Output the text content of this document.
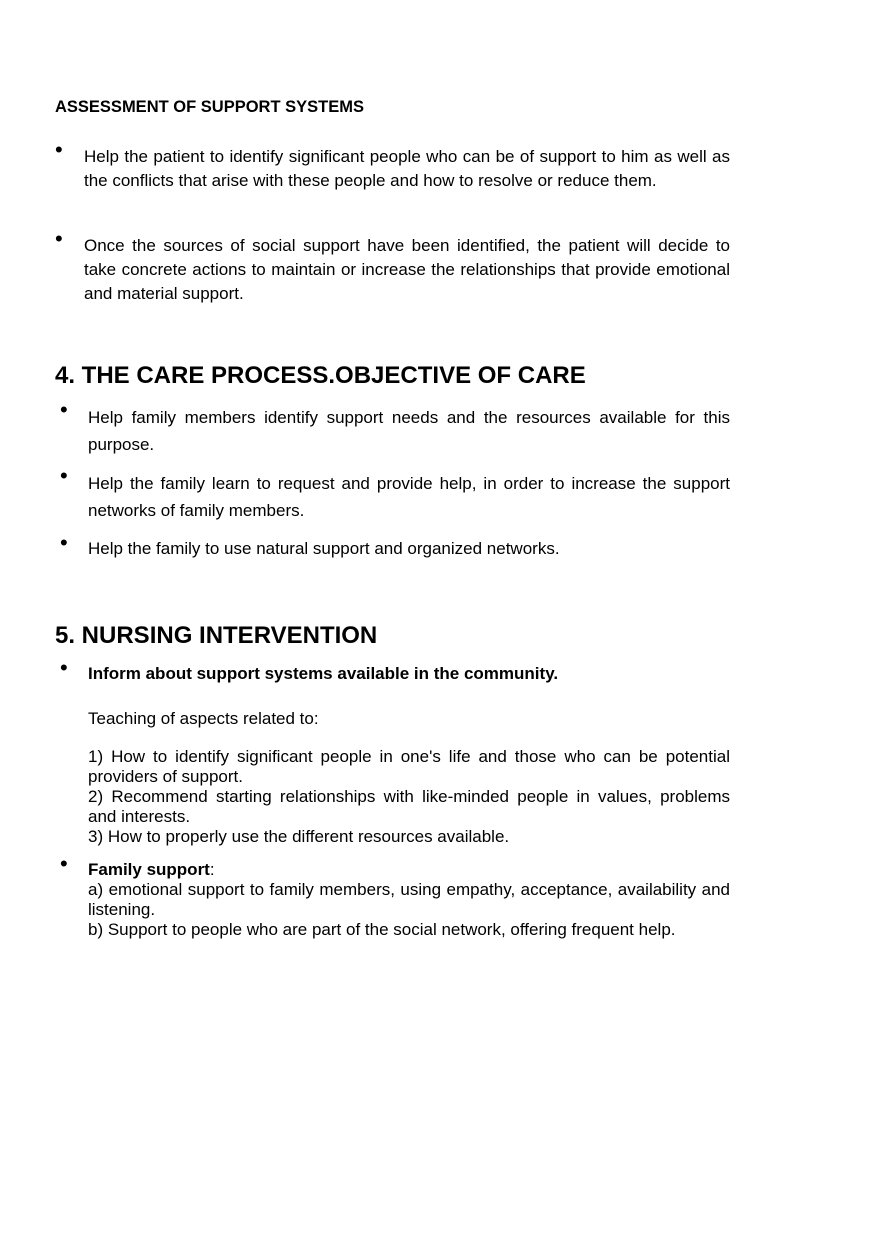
ASSESSMENT OF SUPPORT SYSTEMS
• Help the patient to identify significant people who can be of support to him as well as the conflicts that arise with these people and how to resolve or reduce them.

• Once the sources of social support have been identified, the patient will decide to take concrete actions to maintain or increase the relationships that provide emotional and material support.

4. THE CARE PROCESS.OBJECTIVE OF CARE
• Help family members identify support needs and the resources available for this purpose.

• Help the family learn to request and provide help, in order to increase the support networks of family members.

• Help the family to use natural support and organized networks.

5. NURSING INTERVENTION
• Inform about support systems available in the community.

Teaching of aspects related to:

1) How to identify significant people in one's life and those who can be potential providers of support.

2) Recommend starting relationships with like-minded people in values, problems and interests.

3) How to properly use the different resources available.

• Family support:

a) emotional support to family members, using empathy, acceptance, availability and listening.

b) Support to people who are part of the social network, offering frequent help.
